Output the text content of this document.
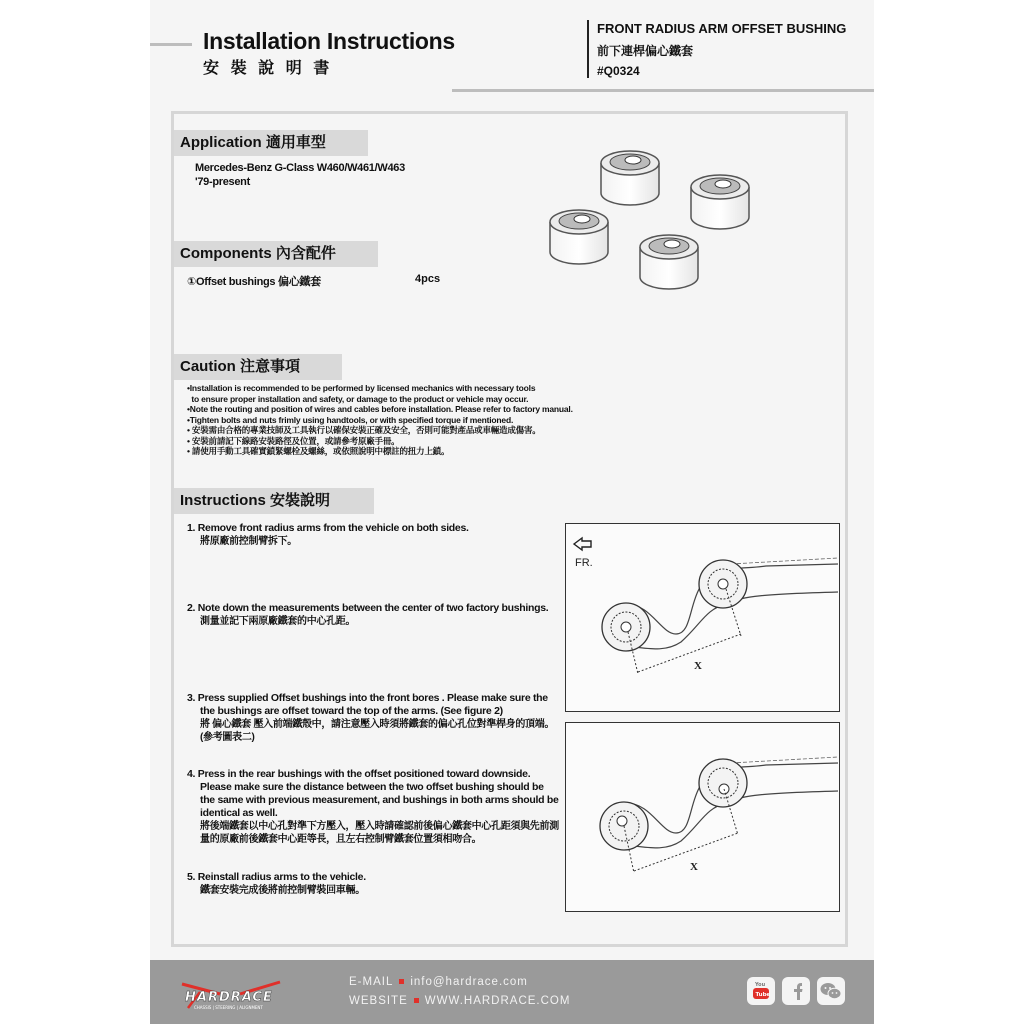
Installation Instructions
安 裝 說 明 書
FRONT RADIUS ARM OFFSET BUSHING
前下連桿偏心鐵套
#Q0324
Application 適用車型
Mercedes-Benz G-Class W460/W461/W463
'79-present
Components 內含配件
①Offset bushings 偏心鐵套	4pcs
Caution 注意事項
•Installation is recommended to be performed by licensed mechanics with necessary tools
to ensure proper installation and safety, or damage to the product or vehicle may occur.
•Note the routing and position of wires and cables before installation. Please refer to factory manual.
•Tighten bolts and nuts frimly using handtools, or with specified torque if mentioned.
• 安裝需由合格的專業技師及工具執行以確保安裝正確及安全，否則可能對產品或車輛造成傷害。
• 安裝前請記下線路安裝路徑及位置，或請參考原廠手冊。
• 請使用手動工具確實鎖緊螺栓及螺絲，或依照說明中標註的扭力上鎖。
Instructions 安裝說明
1. Remove front radius arms from the vehicle on both sides.
將原廠前控制臂拆下。
2. Note down the measurements between the center of two factory bushings.
測量並記下兩原廠鐵套的中心孔距。
3. Press supplied Offset bushings into the front bores . Please make sure the the bushings are offset toward the top of the arms. (See figure 2)
將 偏心鐵套 壓入前端鐵殼中，請注意壓入時須將鐵套的偏心孔位對準桿身的頂端。(參考圖表二)
4. Press in the rear bushings with the offset positioned toward downside. Please make sure the distance between the two offset bushing should be the same with previous measurement, and bushings in both arms should be identical as well.
將後端鐵套以中心孔對準下方壓入，壓入時請確認前後偏心鐵套中心孔距須與先前測量的原廠前後鐵套中心距等長，且左右控制臂鐵套位置須相吻合。
5. Reinstall radius arms to the vehicle.
鐵套安裝完成後將前控制臂裝回車輛。
FR.
X
X
HARDRACE
CHASSIS | STEERING | ALIGNMENT
E-MAIL info@hardrace.com
WEBSITE WWW.HARDRACE.COM
You
Tube
